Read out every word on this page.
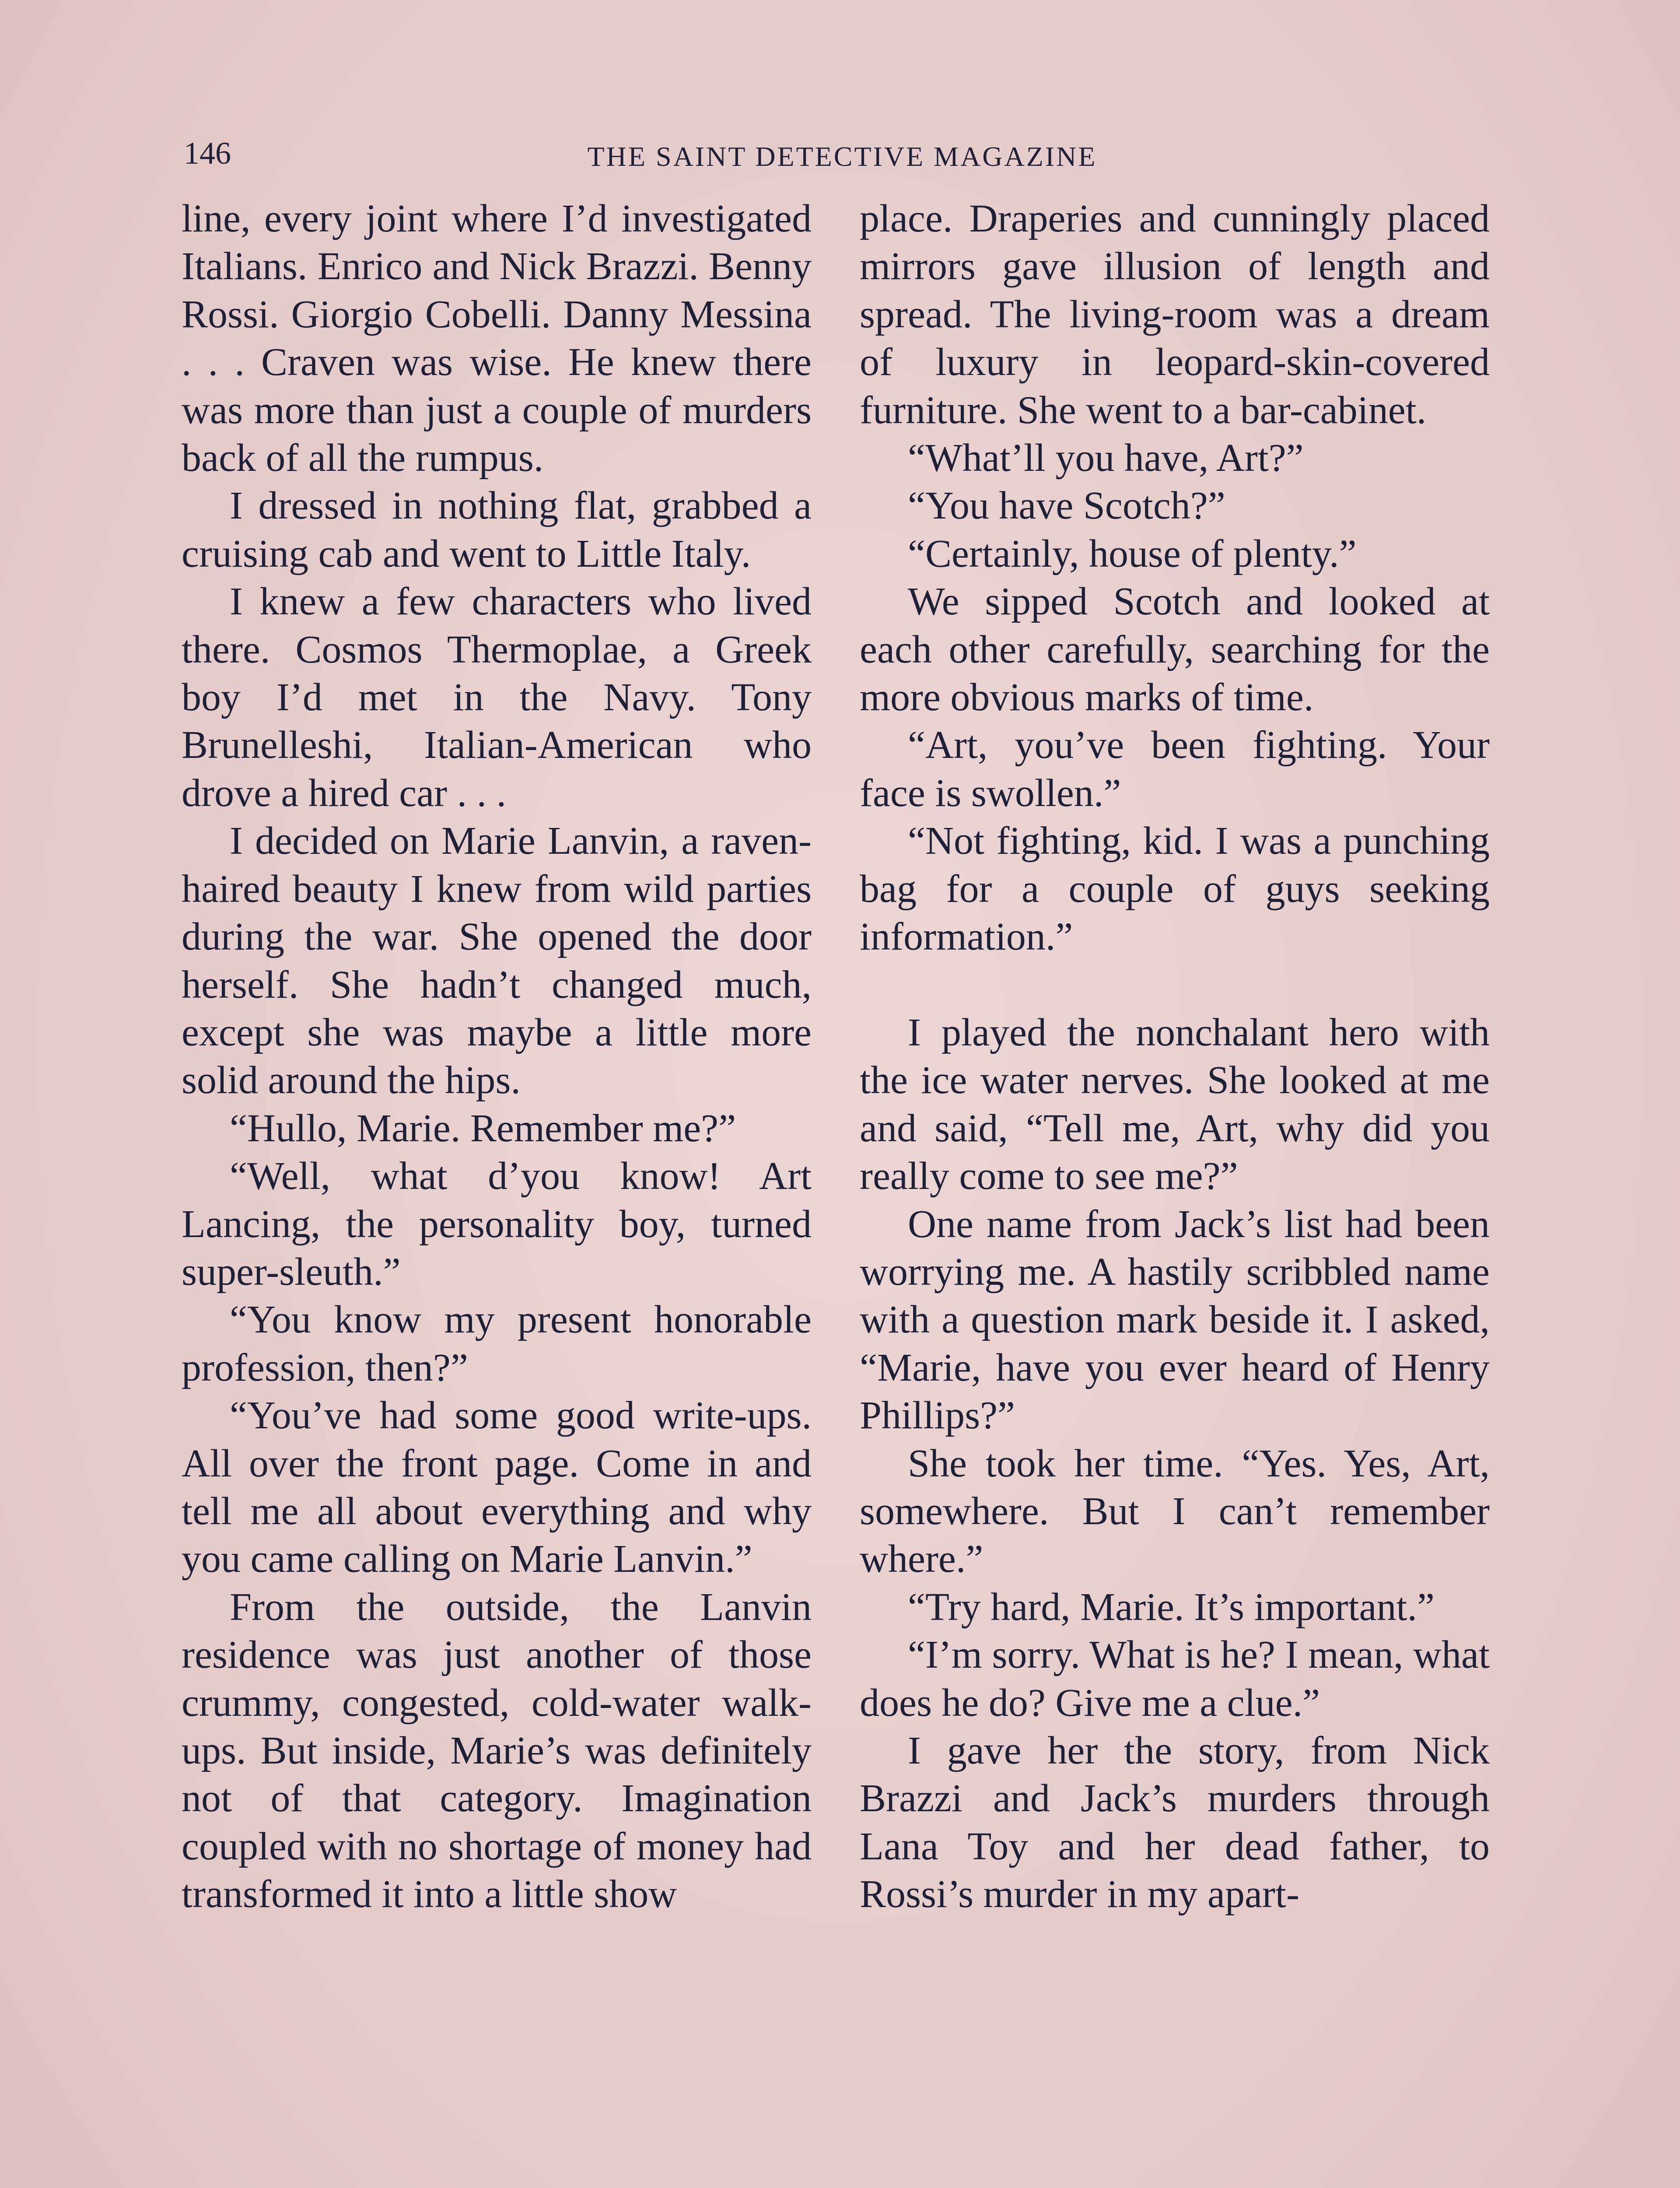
146	THE SAINT DETECTIVE MAGAZINE

line, every joint where I’d investigated Italians. Enrico and Nick Brazzi. Benny Rossi. Giorgio Cobelli. Danny Messina . . . Craven was wise. He knew there was more than just a couple of murders back of all the rumpus.

I dressed in nothing flat, grabbed a cruising cab and went to Little Italy.

I knew a few characters who lived there. Cosmos Thermoplae, a Greek boy I’d met in the Navy. Tony Brunelleshi, Italian-American who drove a hired car . . .

I decided on Marie Lanvin, a raven-haired beauty I knew from wild parties during the war. She opened the door herself. She hadn’t changed much, except she was maybe a little more solid around the hips.

“Hullo, Marie. Remember me?”

“Well, what d’you know! Art Lancing, the personality boy, turned super-sleuth.”

“You know my present honorable profession, then?”

“You’ve had some good write-ups. All over the front page. Come in and tell me all about everything and why you came calling on Marie Lanvin.”

From the outside, the Lanvin residence was just another of those crummy, congested, cold-water walk-ups. But inside, Marie’s was definitely not of that category. Imagination coupled with no shortage of money had transformed it into a little show

place. Draperies and cunningly placed mirrors gave illusion of length and spread. The living-room was a dream of luxury in leopard-skin-covered furniture. She went to a bar-cabinet.

“What’ll you have, Art?”

“You have Scotch?”

“Certainly, house of plenty.”

We sipped Scotch and looked at each other carefully, searching for the more obvious marks of time.

“Art, you’ve been fighting. Your face is swollen.”

“Not fighting, kid. I was a punching bag for a couple of guys seeking information.”

I played the nonchalant hero with the ice water nerves. She looked at me and said, “Tell me, Art, why did you really come to see me?”

One name from Jack’s list had been worrying me. A hastily scribbled name with a question mark beside it. I asked, “Marie, have you ever heard of Henry Phillips?”

She took her time. “Yes. Yes, Art, somewhere. But I can’t remember where.”

“Try hard, Marie. It’s important.”

“I’m sorry. What is he? I mean, what does he do? Give me a clue.”

I gave her the story, from Nick Brazzi and Jack’s murders through Lana Toy and her dead father, to Rossi’s murder in my apart-
